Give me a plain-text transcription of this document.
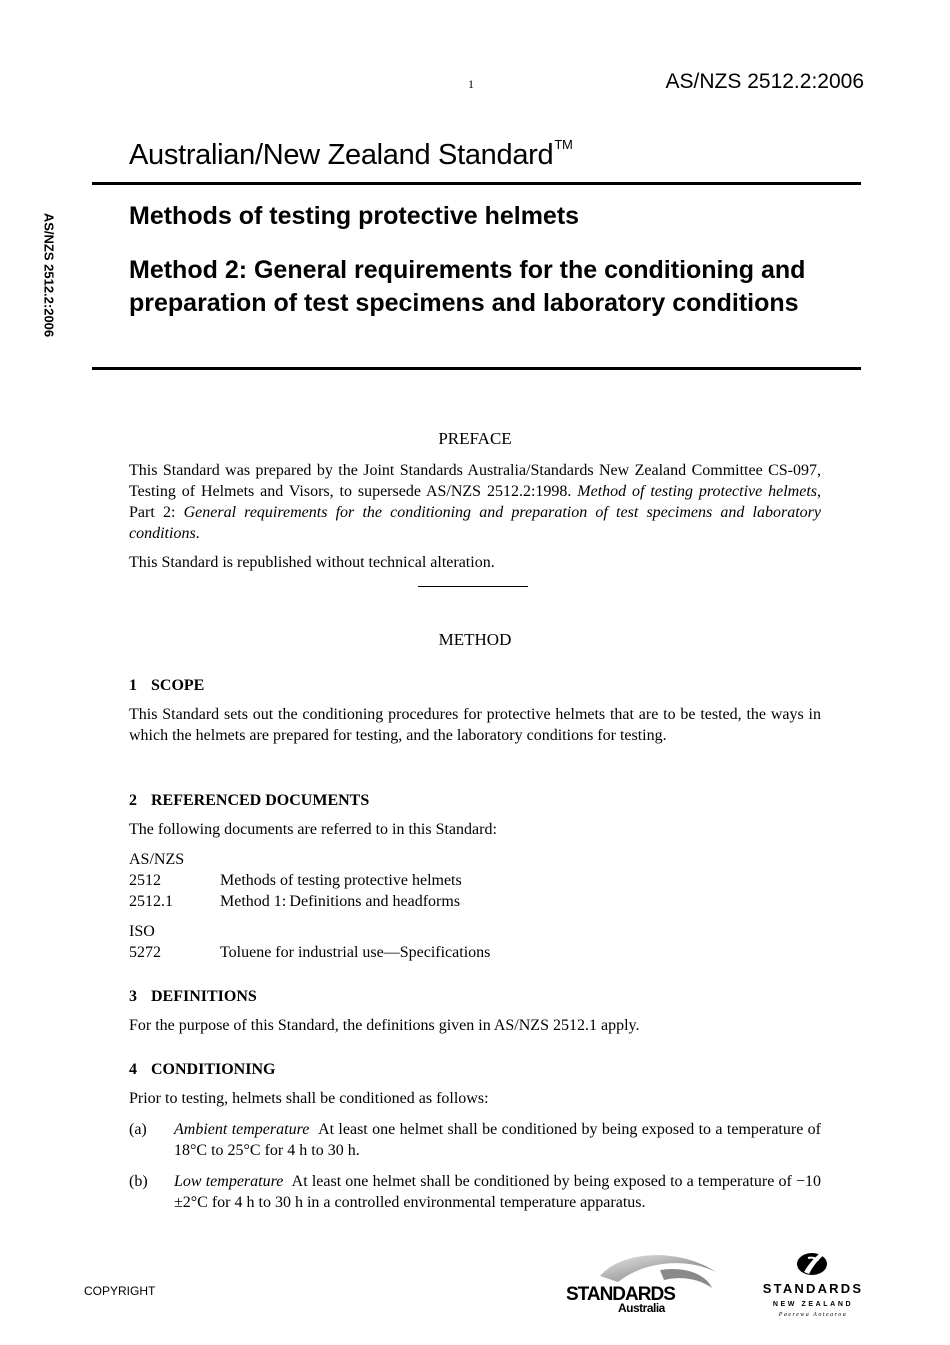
1	AS/NZS 2512.2:2006
Australian/New Zealand Standard™
AS/NZS 2512.2:2006	Methods of testing protective helmets
Method 2: General requirements for the conditioning and preparation of test specimens and laboratory conditions
PREFACE
This Standard was prepared by the Joint Standards Australia/Standards New Zealand Committee CS-097, Testing of Helmets and Visors, to supersede AS/NZS 2512.2:1998. Method of testing protective helmets, Part 2: General requirements for the conditioning and preparation of test specimens and laboratory conditions.
This Standard is republished without technical alteration.
METHOD
1 SCOPE
This Standard sets out the conditioning procedures for protective helmets that are to be tested, the ways in which the helmets are prepared for testing, and the laboratory conditions for testing.
2 REFERENCED DOCUMENTS
The following documents are referred to in this Standard:
AS/NZS
2512	Methods of testing protective helmets
2512.1	Method 1: Definitions and headforms
ISO
5272	Toluene for industrial use—Specifications
3 DEFINITIONS
For the purpose of this Standard, the definitions given in AS/NZS 2512.1 apply.
4 CONDITIONING
Prior to testing, helmets shall be conditioned as follows:
(a) Ambient temperature At least one helmet shall be conditioned by being exposed to a temperature of 18°C to 25°C for 4 h to 30 h.
(b) Low temperature At least one helmet shall be conditioned by being exposed to a temperature of −10 ±2°C for 4 h to 30 h in a controlled environmental temperature apparatus.
COPYRIGHT	STANDARDS
Australia
STANDARDS
NEW ZEALAND
Paerewa Aotearoa
